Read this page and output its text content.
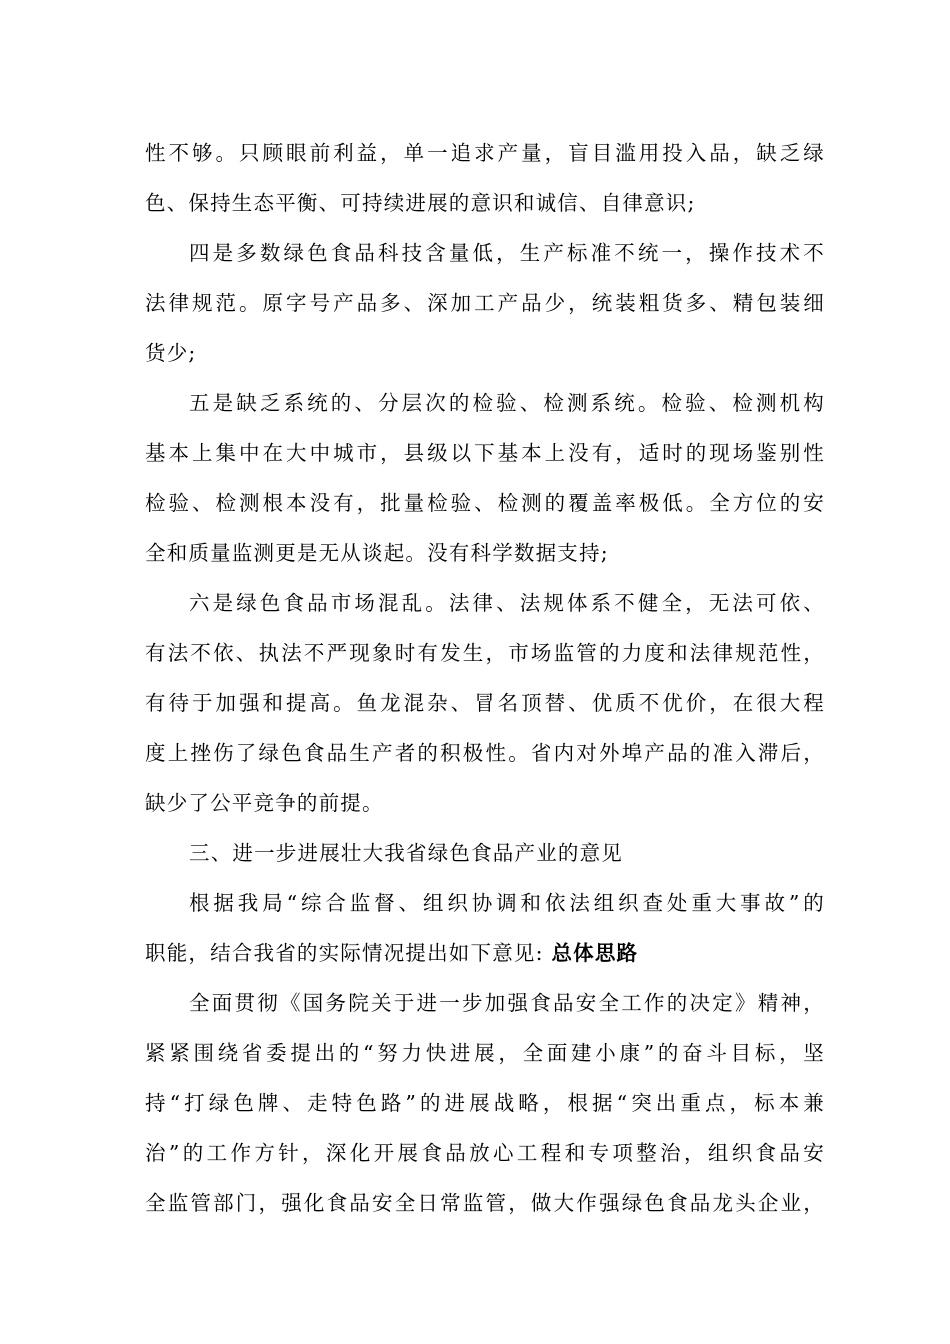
性不够。只顾眼前利益，单一追求产量，盲目滥用投入品，缺乏绿
色、保持生态平衡、可持续进展的意识和诚信、自律意识;
四是多数绿色食品科技含量低，生产标准不统一，操作技术不
法律规范。原字号产品多、深加工产品少，统装粗货多、精包装细
货少;
五是缺乏系统的、分层次的检验、检测系统。检验、检测机构
基本上集中在大中城市，县级以下基本上没有，适时的现场鉴别性
检验、检测根本没有，批量检验、检测的覆盖率极低。全方位的安
全和质量监测更是无从谈起。没有科学数据支持;
六是绿色食品市场混乱。法律、法规体系不健全，无法可依、
有法不依、执法不严现象时有发生，市场监管的力度和法律规范性，
有待于加强和提高。鱼龙混杂、冒名顶替、优质不优价，在很大程
度上挫伤了绿色食品生产者的积极性。省内对外埠产品的准入滞后，
缺少了公平竞争的前提。
三、进一步进展壮大我省绿色食品产业的意见
根据我局“综合监督、组织协调和依法组织查处重大事故”的
职能，结合我省的实际情况提出如下意见: 总体思路
全面贯彻《国务院关于进一步加强食品安全工作的决定》精神，
紧紧围绕省委提出的“努力快进展，全面建小康”的奋斗目标，坚
持“打绿色牌、走特色路”的进展战略，根据“突出重点，标本兼
治”的工作方针，深化开展食品放心工程和专项整治，组织食品安
全监管部门，强化食品安全日常监管，做大作强绿色食品龙头企业，
